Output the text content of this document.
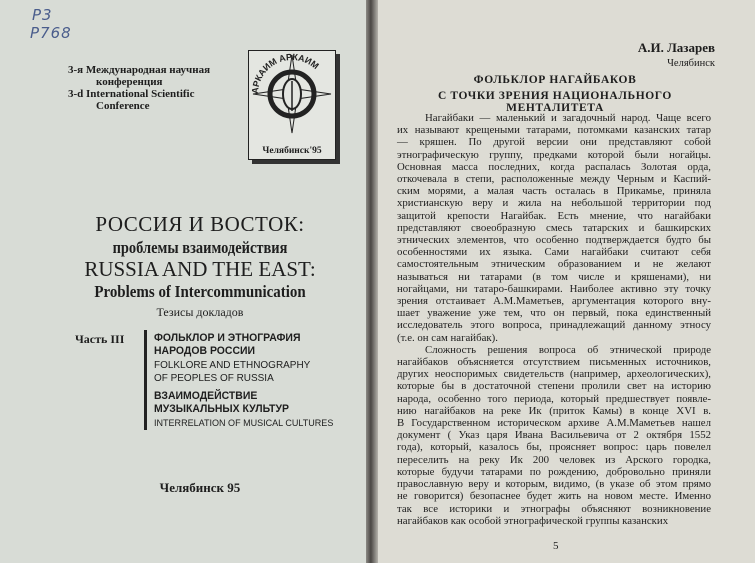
Р3
Р768
3-я Международная научная
конференция
3-d International Scientific
Conference
АРКАИМ АРКАИМ
Челябинск'95
РОССИЯ И ВОСТОК:
проблемы взаимодействия
RUSSIA AND THE EAST:
Problems of Intercommunication
Тезисы докладов
Часть III	ФОЛЬКЛОР И ЭТНОГРАФИЯ
НАРОДОВ РОССИИ
FOLKLORE AND ETHNOGRAPHY
OF PEOPLES OF RUSSIA
ВЗАИМОДЕЙСТВИЕ
МУЗЫКАЛЬНЫХ КУЛЬТУР
INTERRELATION OF MUSICAL CULTURES
Челябинск 95
А.И. Лазарев
Челябинск
ФОЛЬКЛОР НАГАЙБАКОВ
С ТОЧКИ ЗРЕНИЯ НАЦИОНАЛЬНОГО МЕНТАЛИТЕТА
Нагайбаки — маленький и загадочный народ. Чаще всего
их называют крещеными татарами, потомками казанских татар
— кряшен. По другой версии они представляют собой
этнографическую группу, предками которой были ногайцы.
Основная масса последних, когда распалась Золотая орда,
откочевала в степи, расположенные между Черным и Каспий-
ским морями, а малая часть осталась в Прикамье, приняла
христианскую веру и жила на небольшой территории под
защитой крепости Нагайбак. Есть мнение, что нагайбаки
представляют своеобразную смесь татарских и башкирских
этнических элементов, что особенно подтверждается будто бы
особенностями их языка. Сами нагайбаки считают себя
самостоятельным этническим образованием и не желают
называться ни татарами (в том числе и кряшенами), ни
ногайцами, ни татаро-башкирами. Наиболее активно эту точку
зрения отстаивает А.М.Маметьев, аргументация которого вну-
шает уважение уже тем, что он первый, пока единственный
исследователь этого вопроса, принадлежащий данному этносу
(т.е. он сам нагайбак).
Сложность решения вопроса об этнической природе
нагайбаков объясняется отсутствием письменных источников,
других неоспоримых свидетельств (например, археологических),
которые бы в достаточной степени пролили свет на историю
народа, особенно того периода, который предшествует появле-
нию нагайбаков на реке Ик (приток Камы) в конце XVI в.
В Государственном историческом архиве А.М.Маметьев нашел
документ ( Указ царя Ивана Васильевича от 2 октября 1552
года), который, казалось бы, проясняет вопрос: царь повелел
переселить на реку Ик 200 человек из Арского городка,
которые будучи татарами по рождению, добровольно приняли
православную веру и которым, видимо, (в указе об этом прямо
не говорится) безопаснее будет жить на новом месте. Именно
так все историки и этнографы объясняют возникновение
нагайбаков как особой этнографической группы казанских
5
